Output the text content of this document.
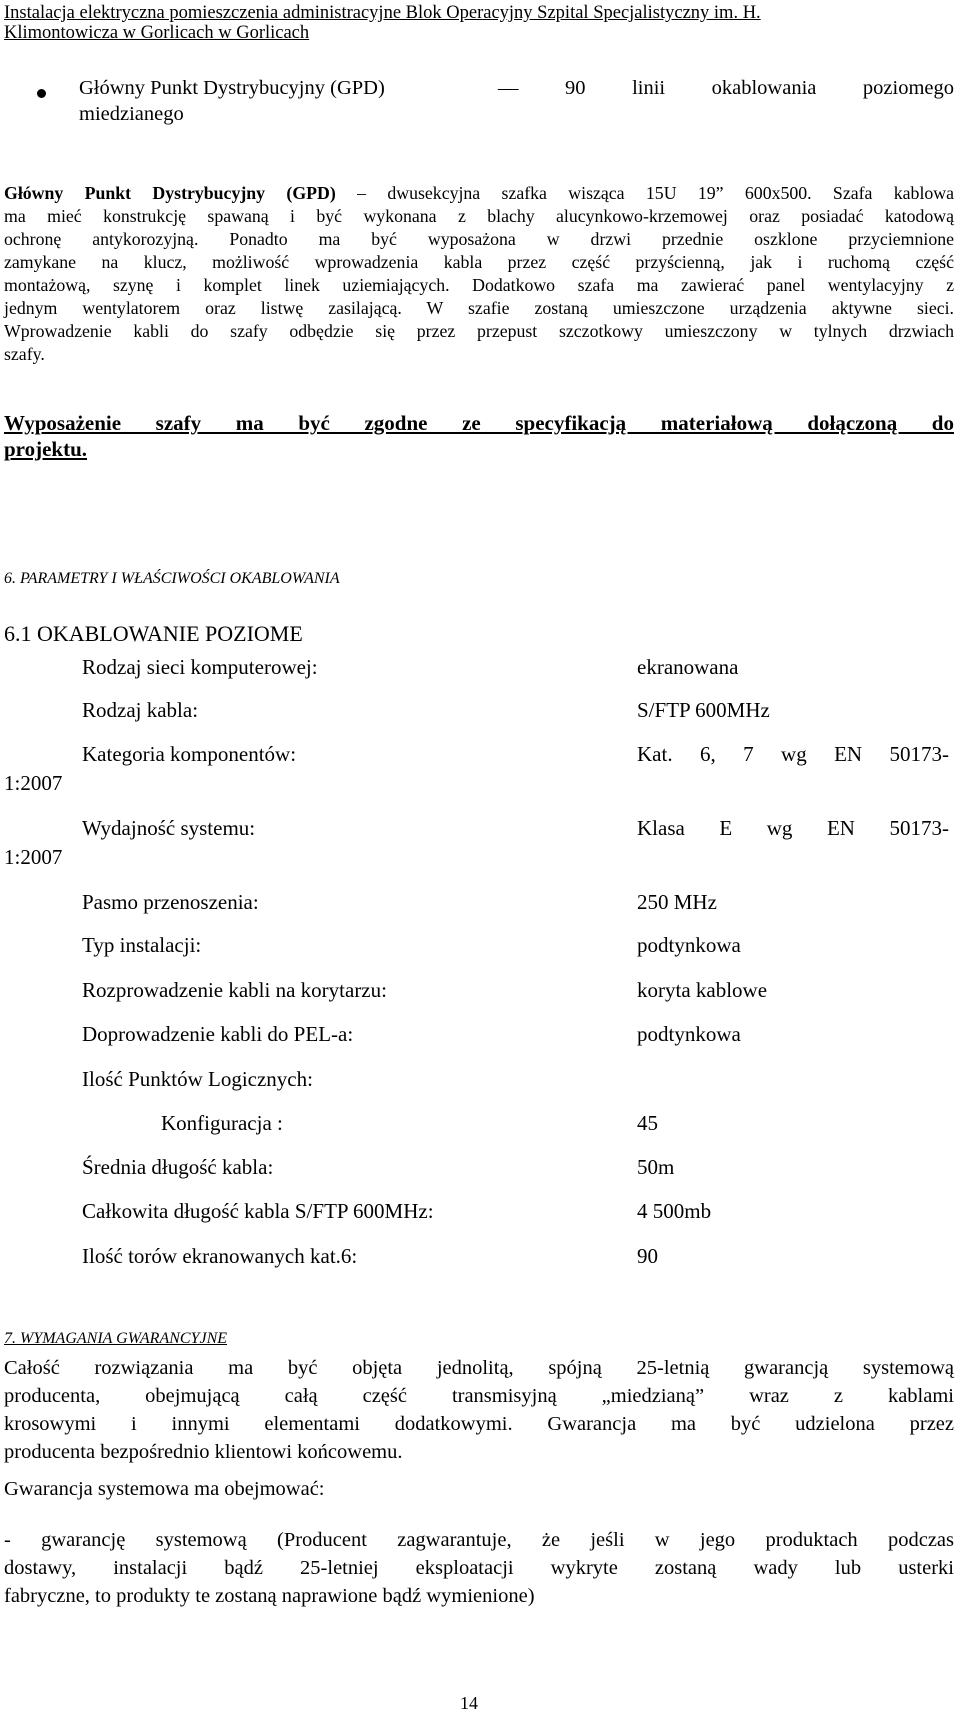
Instalacja elektryczna pomieszczenia administracyjne Blok Operacyjny Szpital Specjalistyczny im. H.
Klimontowicza w Gorlicach w Gorlicach
Główny Punkt Dystrybucyjny (GPD)	— 90 linii okablowania poziomego
miedzianego
Główny Punkt Dystrybucyjny (GPD) – dwusekcyjna szafka wisząca 15U 19” 600x500. Szafa kablowa
ma mieć konstrukcję spawaną i być wykonana z blachy alucynkowo-krzemowej oraz posiadać katodową
ochronę antykorozyjną. Ponadto ma być wyposażona w drzwi przednie oszklone przyciemnione
zamykane na klucz, możliwość wprowadzenia kabla przez część przyścienną, jak i ruchomą część
montażową, szynę i komplet linek uziemiających. Dodatkowo szafa ma zawierać panel wentylacyjny z
jednym wentylatorem oraz listwę zasilającą. W szafie zostaną umieszczone urządzenia aktywne sieci.
Wprowadzenie kabli do szafy odbędzie się przez przepust szczotkowy umieszczony w tylnych drzwiach
szafy.
Wyposażenie szafy ma być zgodne ze specyfikacją materiałową dołączoną do
projektu.
6. PARAMETRY I WŁAŚCIWOŚCI OKABLOWANIA
6.1 OKABLOWANIE POZIOME
Rodzaj sieci komputerowej:	ekranowana
Rodzaj kabla:	S/FTP 600MHz
Kategoria komponentów:	Kat. 6, 7 wg EN 50173-
1:2007
Wydajność systemu:	Klasa E wg EN 50173-
1:2007
Pasmo przenoszenia:	250 MHz
Typ instalacji:	podtynkowa
Rozprowadzenie kabli na korytarzu:	koryta kablowe
Doprowadzenie kabli do PEL-a:	podtynkowa
Ilość Punktów Logicznych:
Konfiguracja :	45
Średnia długość kabla:	50m
Całkowita długość kabla S/FTP 600MHz:	4 500mb
Ilość torów ekranowanych kat.6:	90
7. WYMAGANIA GWARANCYJNE
Całość rozwiązania ma być objęta jednolitą, spójną 25-letnią gwarancją systemową
producenta, obejmującą całą część transmisyjną „miedzianą” wraz z kablami
krosowymi i innymi elementami dodatkowymi. Gwarancja ma być udzielona przez
producenta bezpośrednio klientowi końcowemu.
Gwarancja systemowa ma obejmować:
- gwarancję systemową (Producent zagwarantuje, że jeśli w jego produktach podczas
dostawy, instalacji bądź 25-letniej eksploatacji wykryte zostaną wady lub usterki
fabryczne, to produkty te zostaną naprawione bądź wymienione)
14
